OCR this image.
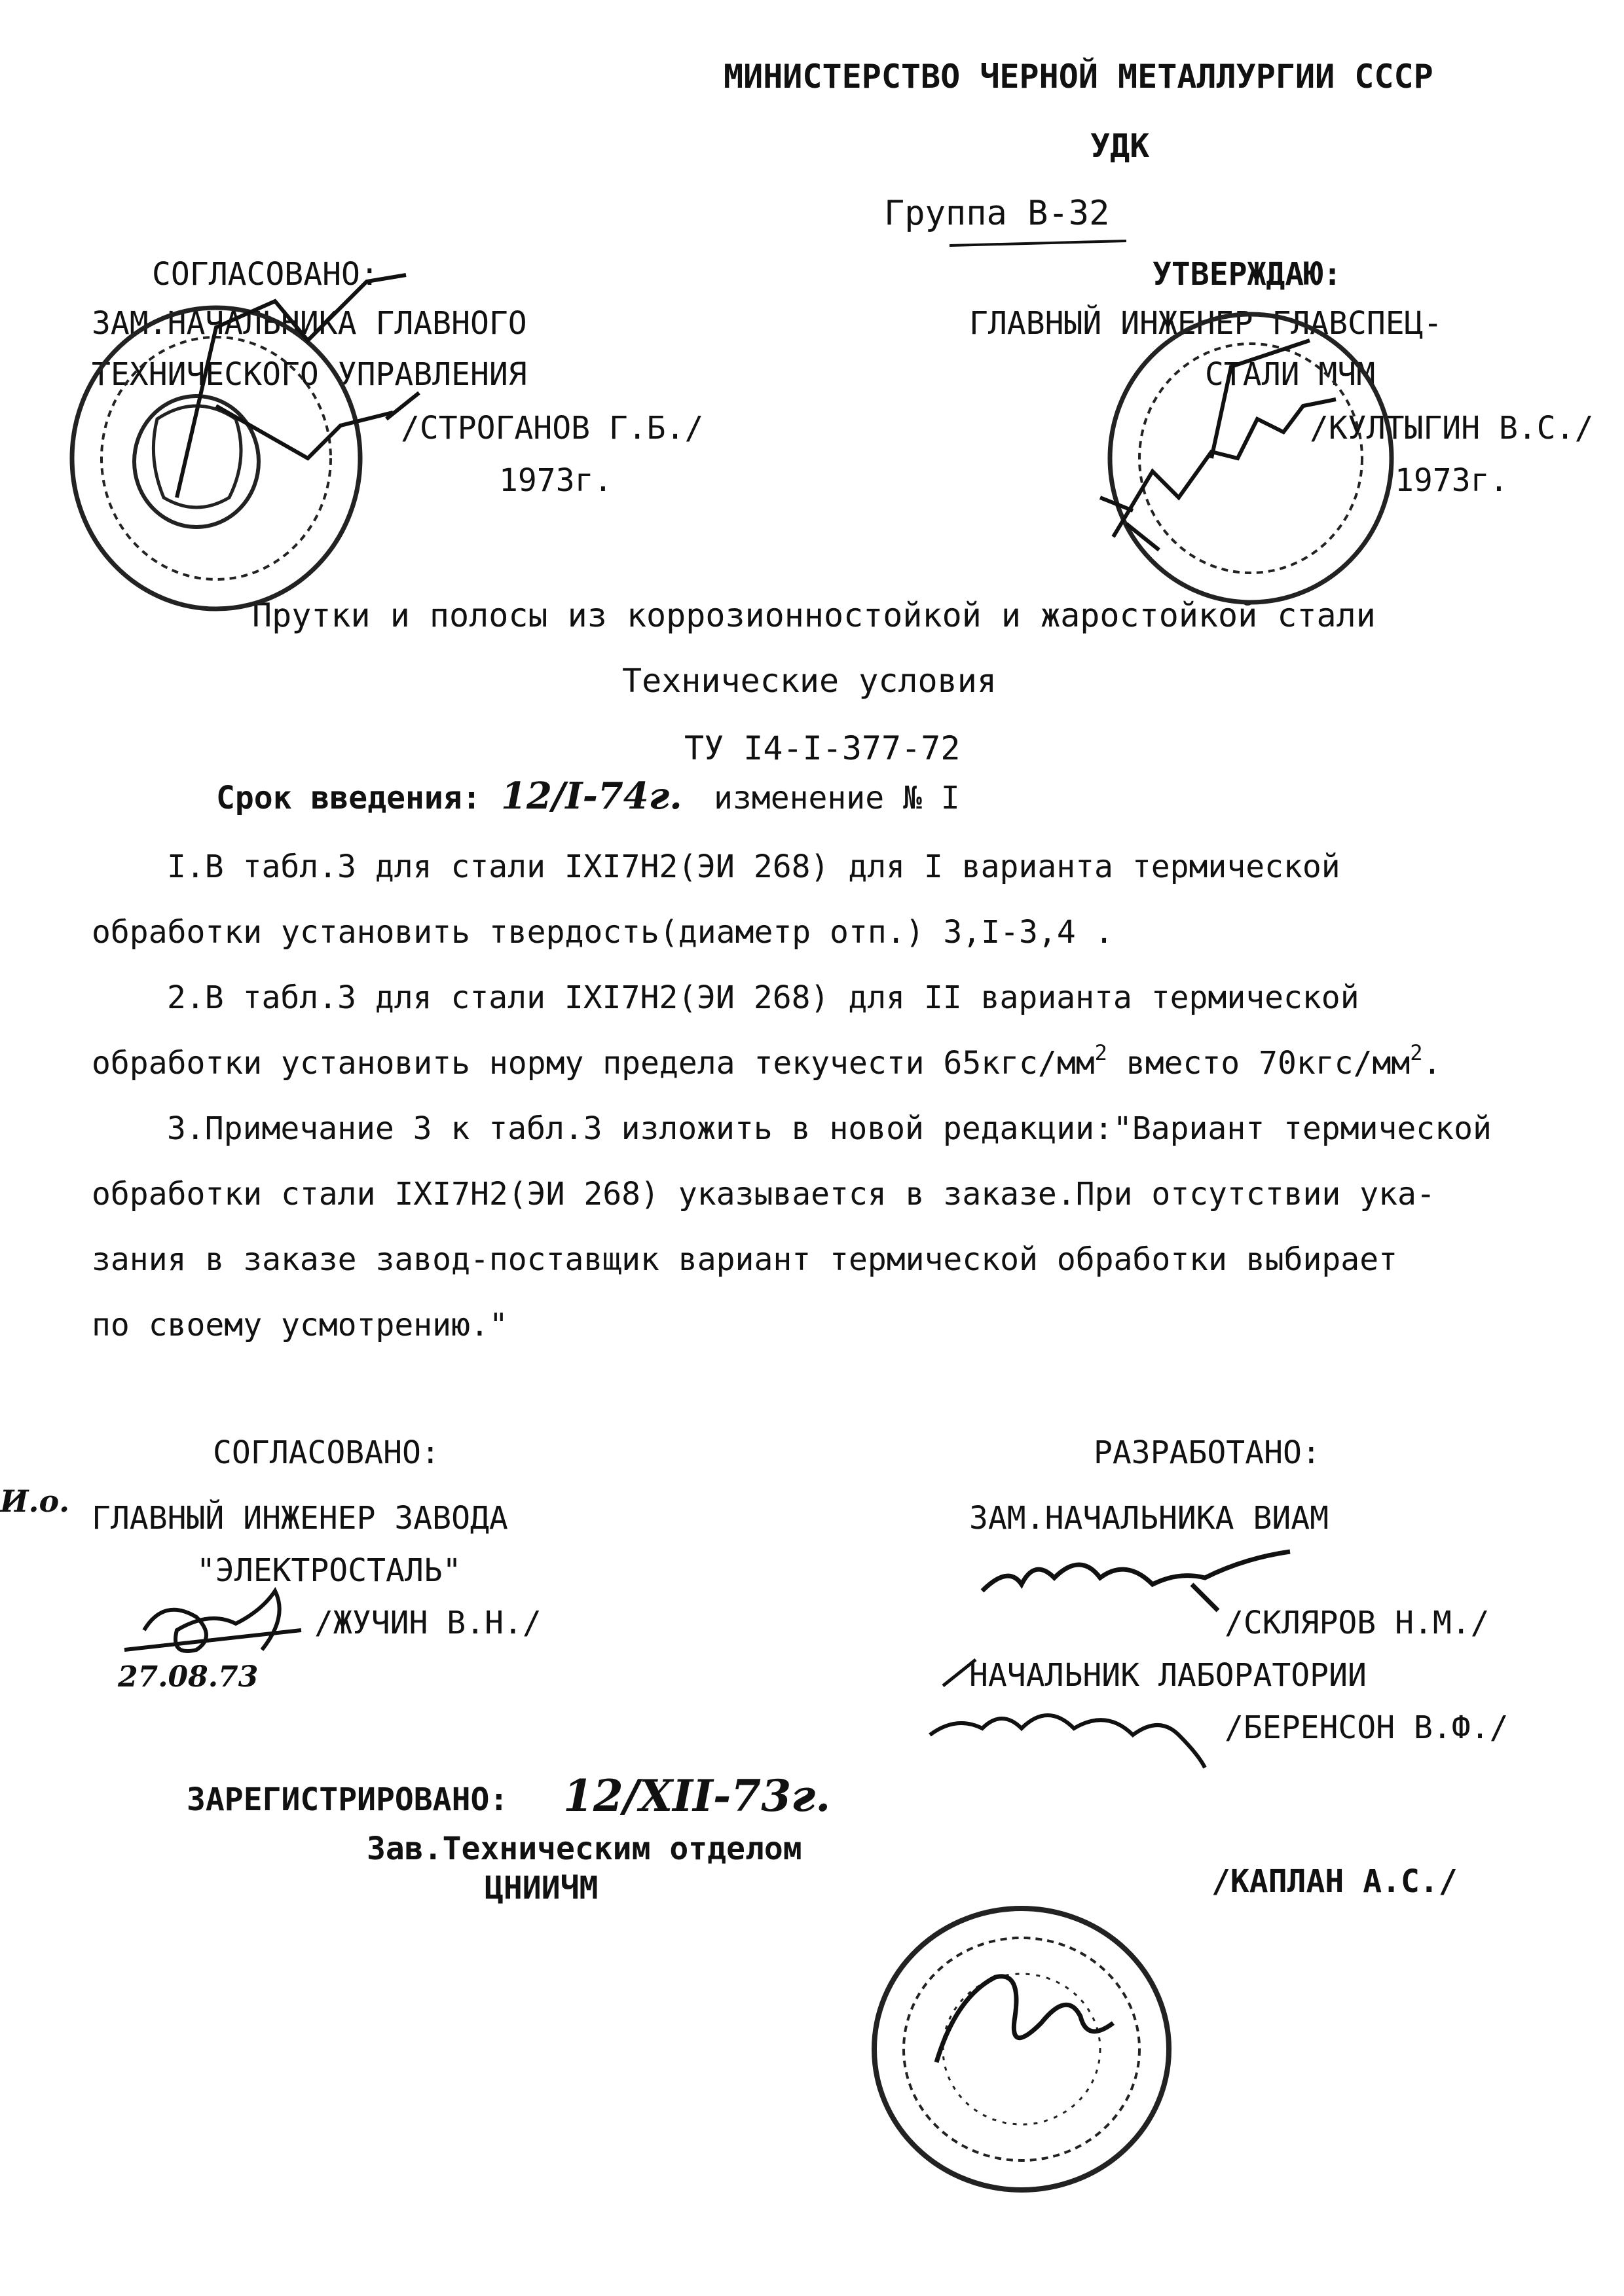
МИНИСТЕРСТВО ЧЕРНОЙ МЕТАЛЛУРГИИ СССР
УДК
Группа В-32
СОГЛАСОВАНО:
ЗАМ.НАЧАЛЬНИКА ГЛАВНОГО
ТЕХНИЧЕСКОГО УПРАВЛЕНИЯ
/СТРОГАНОВ Г.Б./
1973г.
УТВЕРЖДАЮ:
ГЛАВНЫЙ ИНЖЕНЕР ГЛАВСПЕЦ-
СТАЛИ МЧМ
/КУЛТЫГИН В.С./
1973г.
Прутки и полосы из коррозионностойкой и жаростойкой стали
Технические условия
ТУ I4-I-377-72
Срок введения: 12/I-74г. изменение № I
I.В табл.3 для стали IXI7Н2(ЭИ 268) для I варианта термической
обработки установить твердость(диаметр отп.) 3,I-3,4 .
2.В табл.3 для стали IXI7Н2(ЭИ 268) для II варианта термической
обработки установить норму предела текучести $65кгс/мм^2$ вместо $70кгс/мм^2$.
3.Примечание 3 к табл.3 изложить в новой редакции:"Вариант термической
обработки стали IXI7Н2(ЭИ 268) указывается в заказе.При отсутствии ука-
зания в заказе завод-поставщик вариант термической обработки выбирает
по своему усмотрению."
СОГЛАСОВАНО:
И.о. ГЛАВНЫЙ ИНЖЕНЕР ЗАВОДА
"ЭЛЕКТРОСТАЛЬ"
/ЖУЧИН В.Н./
27.08.73
РАЗРАБОТАНО:
ЗАМ.НАЧАЛЬНИКА ВИАМ
/СКЛЯРОВ Н.М./
НАЧАЛЬНИК ЛАБОРАТОРИИ
/БЕРЕНСОН В.Ф./
/КАПЛАН А.С./
ЗАРЕГИСТРИРОВАНО: 12/XII-73г.
Зав.Техническим отделом
ЦНИИЧМ
